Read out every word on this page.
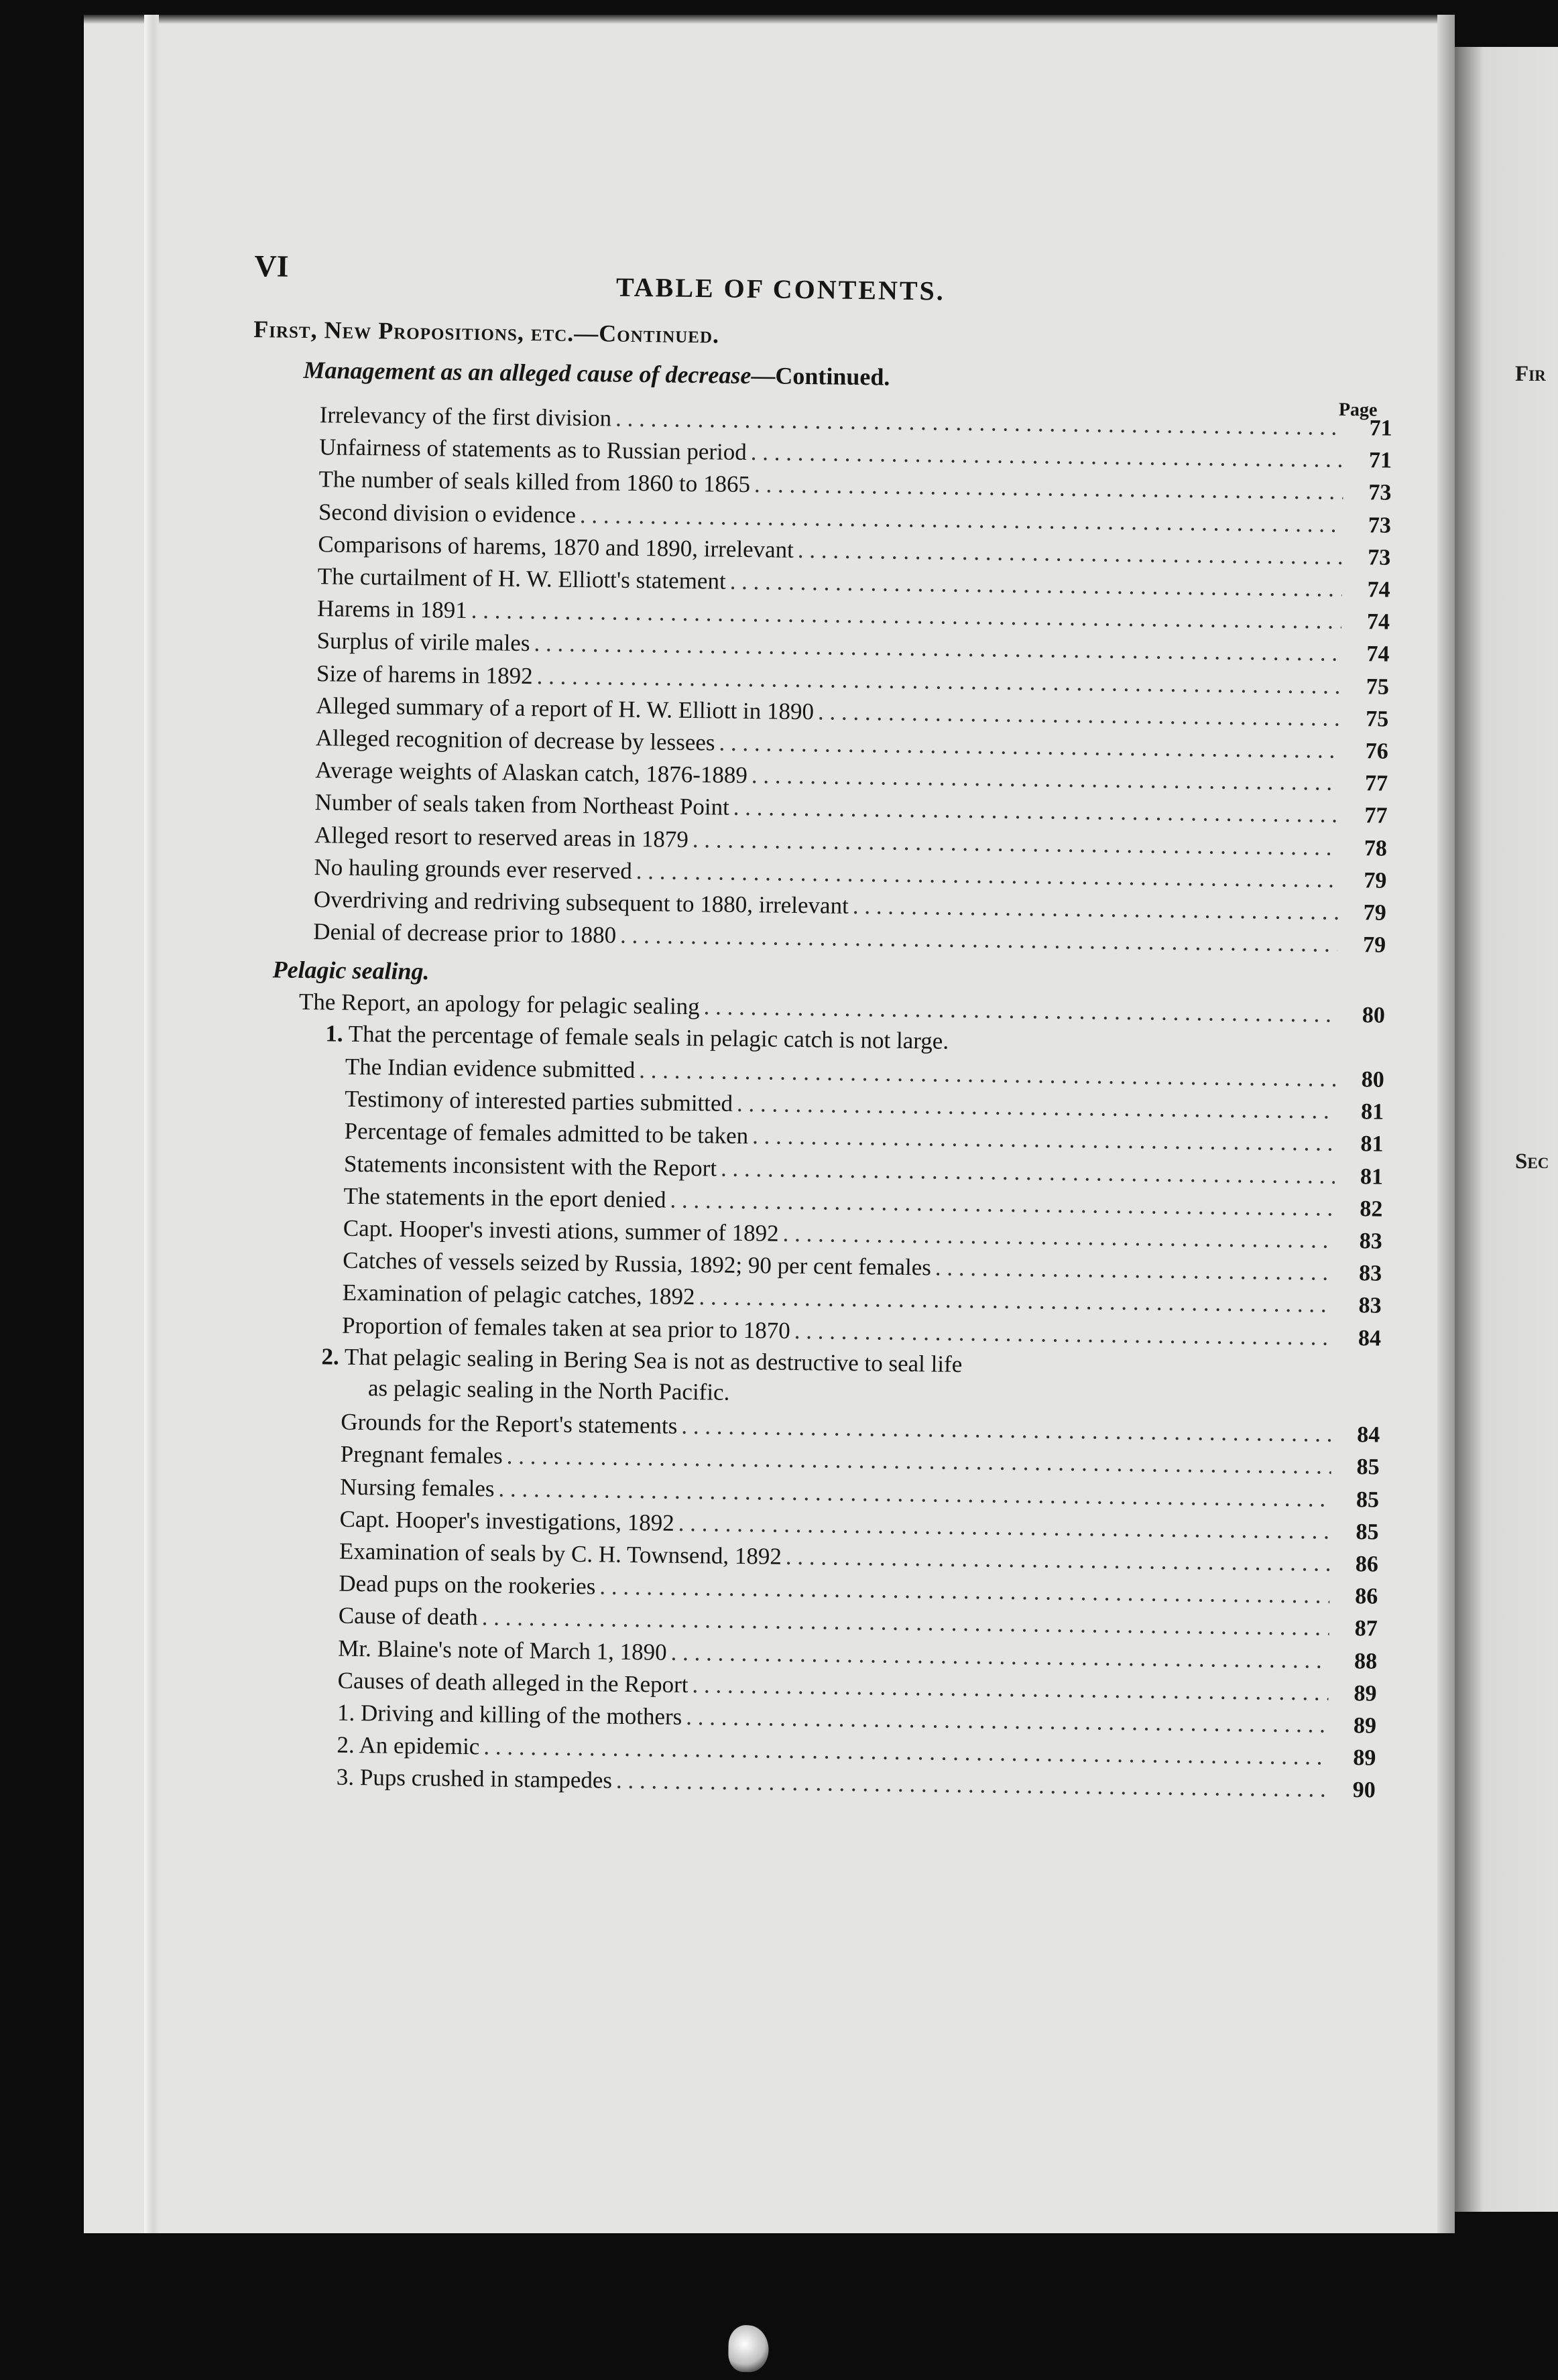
Fir
Sec
VI
TABLE OF CONTENTS.
First, New Propositions, etc.—Continued.
Management as an alleged cause of decrease—Continued.
Page
Pelagic sealing.
1. That the percentage of female seals in pelagic catch is not large.
2. That pelagic sealing in Bering Sea is not as destructive to seal life
as pelagic sealing in the North Pacific.
Irrelevancy of the first division . . .	71
Unfairness of statements as to Russian period . . .	71
The number of seals killed from 1860 to 1865 . . .	73
Second division o evidence . . .	73
Comparisons of harems, 1870 and 1890, irrelevant . . .	73
The curtailment of H. W. Elliott's statement . . .	74
Harems in 1891 . . .	74
Surplus of virile males . . .	74
Size of harems in 1892 . . .	75
Alleged summary of a report of H. W. Elliott in 1890 . . .	75
Alleged recognition of decrease by lessees . . .	76
Average weights of Alaskan catch, 1876-1889 . . .	77
Number of seals taken from Northeast Point . . .	77
Alleged resort to reserved areas in 1879 . . .	78
No hauling grounds ever reserved . . .	79
Overdriving and redriving subsequent to 1880, irrelevant . . .	79
Denial of decrease prior to 1880 . . .	79
The Report, an apology for pelagic sealing . . .	80
The Indian evidence submitted . . .	80
Testimony of interested parties submitted . . .	81
Percentage of females admitted to be taken . . .	81
Statements inconsistent with the Report . . .	81
The statements in the eport denied . . .	82
Capt. Hooper's investi ations, summer of 1892 . . .	83
Catches of vessels seized by Russia, 1892; 90 per cent females . . .	83
Examination of pelagic catches, 1892 . . .	83
Proportion of females taken at sea prior to 1870 . . .	84
Grounds for the Report's statements . . .	84
Pregnant females . . .	85
Nursing females . . .	85
Capt. Hooper's investigations, 1892 . . .	85
Examination of seals by C. H. Townsend, 1892 . . .	86
Dead pups on the rookeries . . .	86
Cause of death . . .	87
Mr. Blaine's note of March 1, 1890 . . .	88
Causes of death alleged in the Report . . .	89
1. Driving and killing of the mothers . . .	89
2. An epidemic . . .	89
3. Pups crushed in stampedes . . .	90
